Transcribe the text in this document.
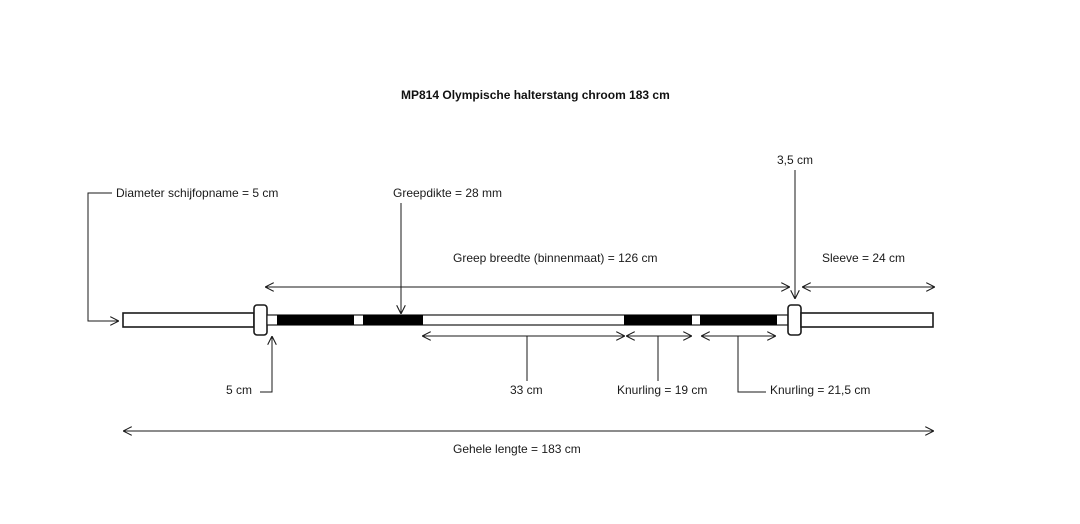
MP814 Olympische halterstang chroom 183 cm
Diameter schijfopname = 5 cm	Greepdikte = 28 mm
3,5 cm
Greep breedte (binnenmaat) = 126 cm	Sleeve = 24 cm
5 cm	33 cm	Knurling = 19 cm	Knurling = 21,5 cm
Gehele lengte = 183 cm
